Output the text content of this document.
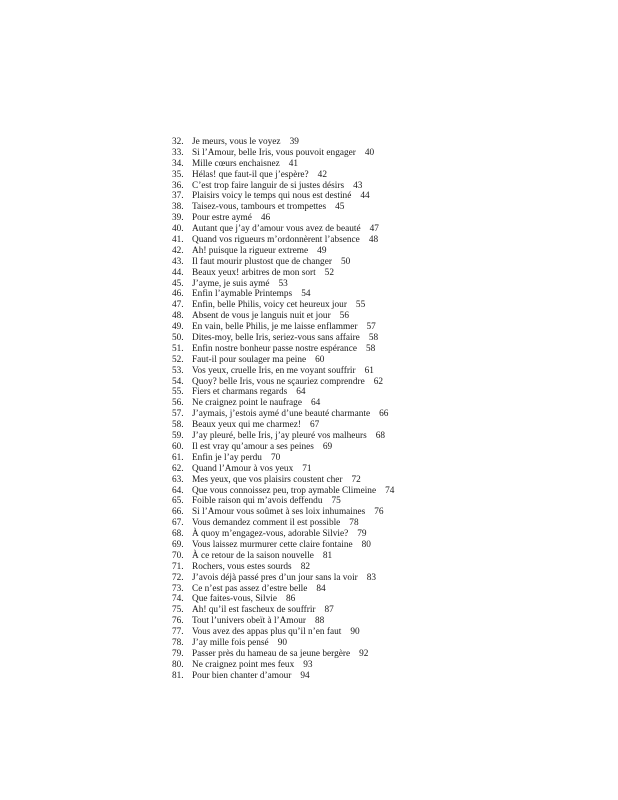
32. Je meurs, vous le voyez 39
33. Si l’Amour, belle Iris, vous pouvoit engager 40
34. Mille cœurs enchaisnez 41
35. Hélas! que faut-il que j’espère? 42
36. C’est trop faire languir de si justes désirs 43
37. Plaisirs voicy le temps qui nous est destiné 44
38. Taisez-vous, tambours et trompettes 45
39. Pour estre aymé 46
40. Autant que j’ay d’amour vous avez de beauté 47
41. Quand vos rigueurs m’ordonnèrent l’absence 48
42. Ah! puisque la rigueur extreme 49
43. Il faut mourir plustost que de changer 50
44. Beaux yeux! arbitres de mon sort 52
45. J’ayme, je suis aymé 53
46. Enfin l’aymable Printemps 54
47. Enfin, belle Philis, voicy cet heureux jour 55
48. Absent de vous je languis nuit et jour 56
49. En vain, belle Philis, je me laisse enflammer 57
50. Dites-moy, belle Iris, seriez-vous sans affaire 58
51. Enfin nostre bonheur passe nostre espérance 58
52. Faut-il pour soulager ma peine 60
53. Vos yeux, cruelle Iris, en me voyant souffrir 61
54. Quoy? belle Iris, vous ne sçauriez comprendre 62
55. Fiers et charmans regards 64
56. Ne craignez point le naufrage 64
57. J’aymais, j’estois aymé d’une beauté charmante 66
58. Beaux yeux qui me charmez! 67
59. J’ay pleuré, belle Iris, j’ay pleuré vos malheurs 68
60. Il est vray qu’amour a ses peines 69
61. Enfin je l’ay perdu 70
62. Quand l’Amour à vos yeux 71
63. Mes yeux, que vos plaisirs coustent cher 72
64. Que vous connoissez peu, trop aymable Climeine 74
65. Foible raison qui m’avois deffendu 75
66. Si l’Amour vous soûmet à ses loix inhumaines 76
67. Vous demandez comment il est possible 78
68. À quoy m’engagez-vous, adorable Silvie? 79
69. Vous laissez murmurer cette claire fontaine 80
70. À ce retour de la saison nouvelle 81
71. Rochers, vous estes sourds 82
72. J’avois déjà passé pres d’un jour sans la voir 83
73. Ce n’est pas assez d’estre belle 84
74. Que faites-vous, Silvie 86
75. Ah! qu’il est fascheux de souffrir 87
76. Tout l’univers obeït à l’Amour 88
77. Vous avez des appas plus qu’il n’en faut 90
78. J’ay mille fois pensé 90
79. Passer près du hameau de sa jeune bergère 92
80. Ne craignez point mes feux 93
81. Pour bien chanter d’amour 94
